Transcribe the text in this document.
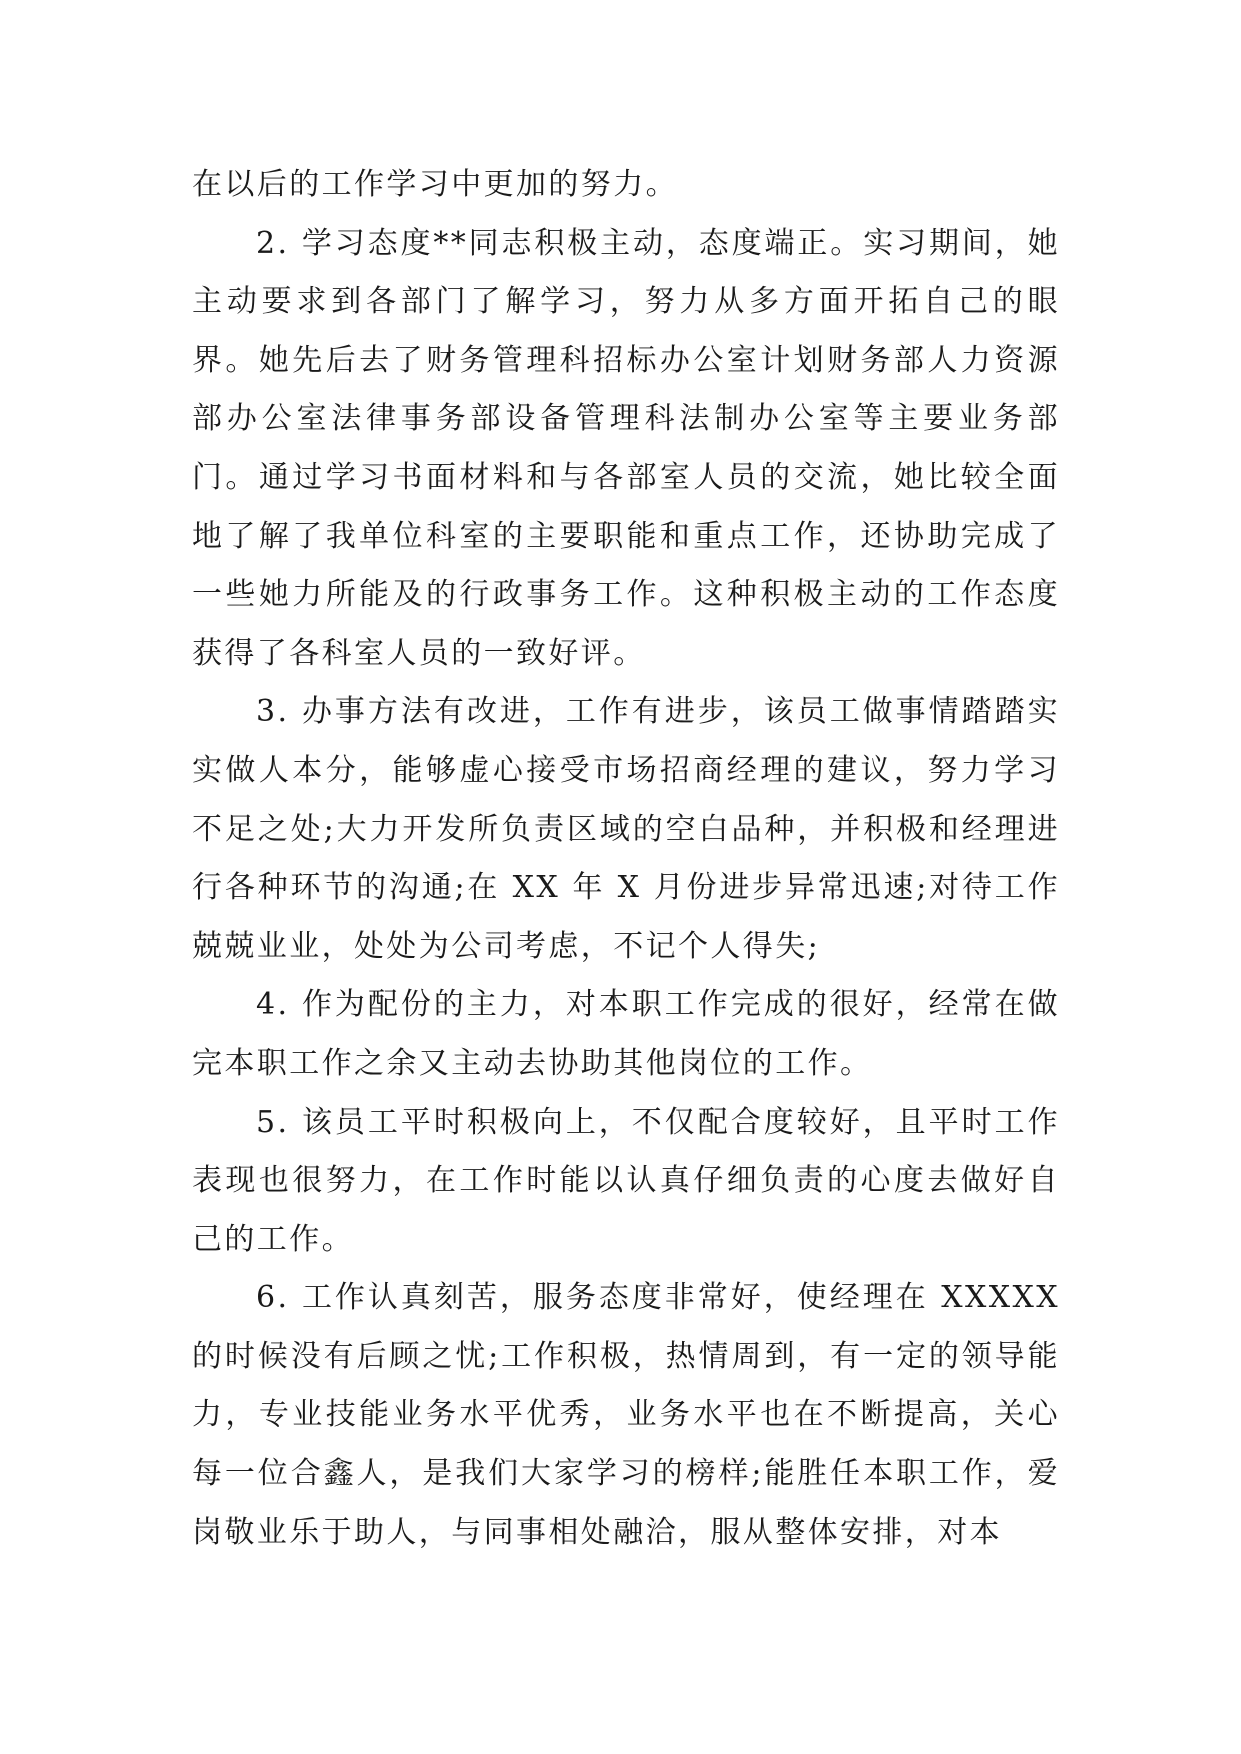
在以后的工作学习中更加的努力。

2. 学习态度**同志积极主动，态度端正。实习期间，她主动要求到各部门了解学习，努力从多方面开拓自己的眼界。她先后去了财务管理科招标办公室计划财务部人力资源部办公室法律事务部设备管理科法制办公室等主要业务部门。通过学习书面材料和与各部室人员的交流，她比较全面地了解了我单位科室的主要职能和重点工作，还协助完成了一些她力所能及的行政事务工作。这种积极主动的工作态度获得了各科室人员的一致好评。

3. 办事方法有改进，工作有进步，该员工做事情踏踏实实做人本分，能够虚心接受市场招商经理的建议，努力学习不足之处;大力开发所负责区域的空白品种，并积极和经理进行各种环节的沟通;在 XX 年 X 月份进步异常迅速;对待工作兢兢业业，处处为公司考虑，不记个人得失;

4. 作为配份的主力，对本职工作完成的很好，经常在做完本职工作之余又主动去协助其他岗位的工作。

5. 该员工平时积极向上，不仅配合度较好，且平时工作表现也很努力，在工作时能以认真仔细负责的心度去做好自己的工作。

6. 工作认真刻苦，服务态度非常好，使经理在 XXXXX 的时候没有后顾之忧;工作积极，热情周到，有一定的领导能力，专业技能业务水平优秀，业务水平也在不断提高，关心每一位合鑫人，是我们大家学习的榜样;能胜任本职工作，爱岗敬业乐于助人，与同事相处融洽，服从整体安排，对本
